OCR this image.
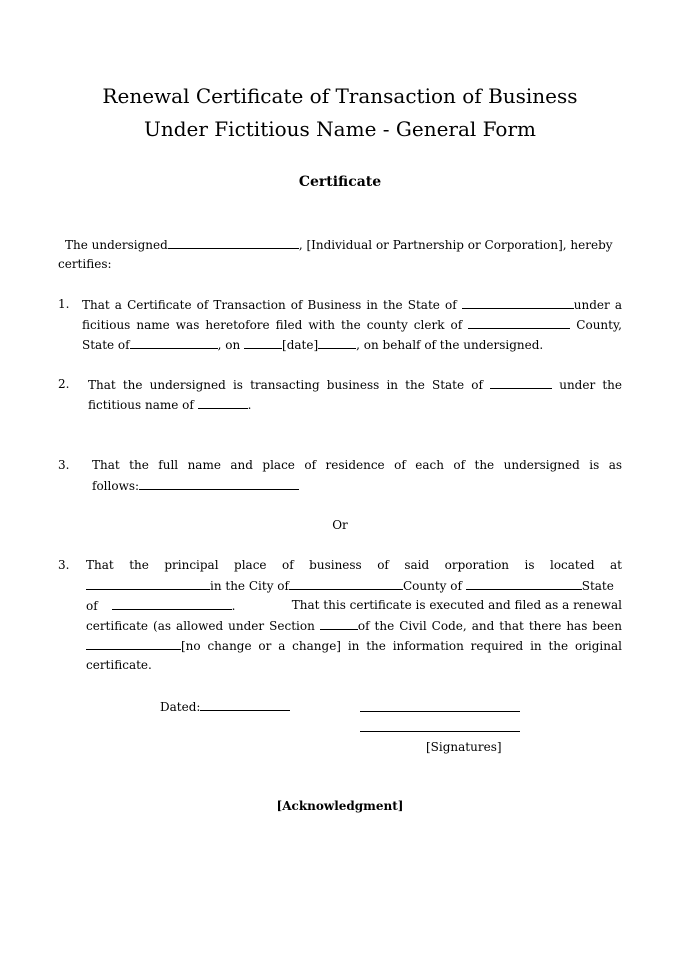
Renewal Certificate of Transaction of Business
Under Fictitious Name - General Form
Certificate
The undersigned	, [Individual or Partnership or Corporation], hereby
certifies:
1. That a Certificate of Transaction of Business in the State of	under a
ficitious name was heretofore filed with the county clerk of	County,
State of	, on	[date]	, on behalf of the undersigned.
2. That the undersigned is transacting business in the State of	under the
fictitious name of	.
3. That the full name and place of residence of each of the undersigned is as
follows:
Or
3. That the principal place of business of said orporation is located at
in the City of	County of	State
of	.	That this certificate is executed and filed as a renewal
certificate (as allowed under Section	of the Civil Code, and that there has been
[no change or a change] in the information required in the original
certificate.
Dated:
[Signatures]
[Acknowledgment]
